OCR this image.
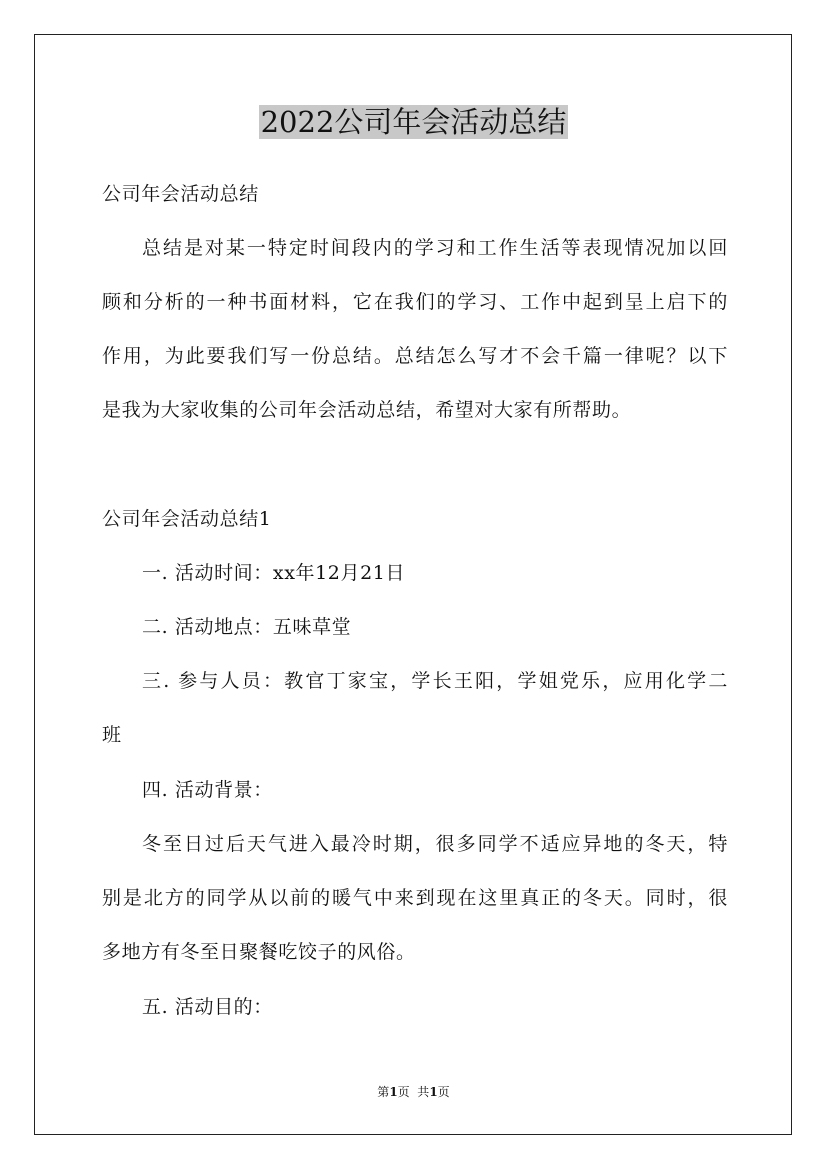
2022公司年会活动总结

公司年会活动总结

总结是对某一特定时间段内的学习和工作生活等表现情况加以回

顾和分析的一种书面材料，它在我们的学习、工作中起到呈上启下的

作用，为此要我们写一份总结。总结怎么写才不会千篇一律呢？以下

是我为大家收集的公司年会活动总结，希望对大家有所帮助。

公司年会活动总结1

一. 活动时间：xx年12月21日

二. 活动地点：五味草堂

三. 参与人员：教官丁家宝，学长王阳，学姐党乐，应用化学二

班

四. 活动背景：

冬至日过后天气进入最冷时期，很多同学不适应异地的冬天，特

别是北方的同学从以前的暖气中来到现在这里真正的冬天。同时，很

多地方有冬至日聚餐吃饺子的风俗。

五. 活动目的：

第1页  共1页
